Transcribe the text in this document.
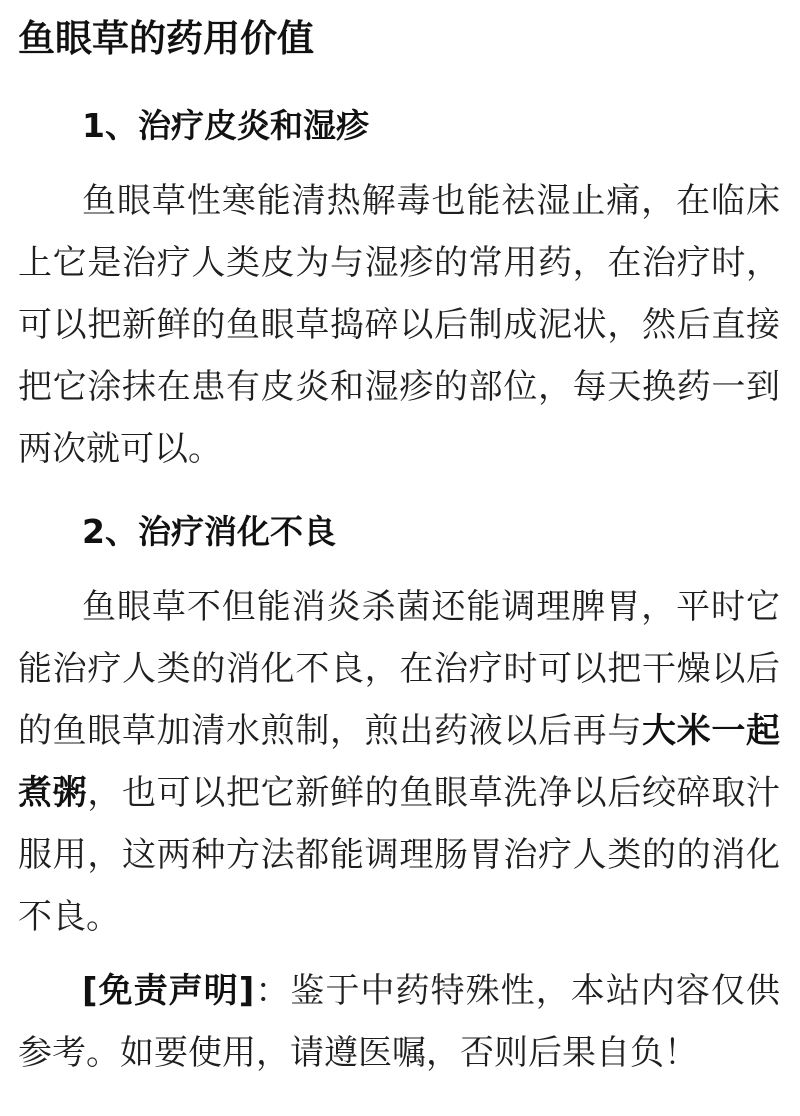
鱼眼草的药用价值
1、治疗皮炎和湿疹

鱼眼草性寒能清热解毒也能祛湿止痛，在临床上它是治疗人类皮为与湿疹的常用药，在治疗时，可以把新鲜的鱼眼草捣碎以后制成泥状，然后直接把它涂抹在患有皮炎和湿疹的部位，每天换药一到两次就可以。

2、治疗消化不良

鱼眼草不但能消炎杀菌还能调理脾胃，平时它能治疗人类的消化不良，在治疗时可以把干燥以后的鱼眼草加清水煎制，煎出药液以后再与大米一起煮粥，也可以把它新鲜的鱼眼草洗净以后绞碎取汁服用，这两种方法都能调理肠胃治疗人类的的消化不良。

[免责声明]：鉴于中药特殊性，本站内容仅供参考。如要使用，请遵医嘱，否则后果自负！
